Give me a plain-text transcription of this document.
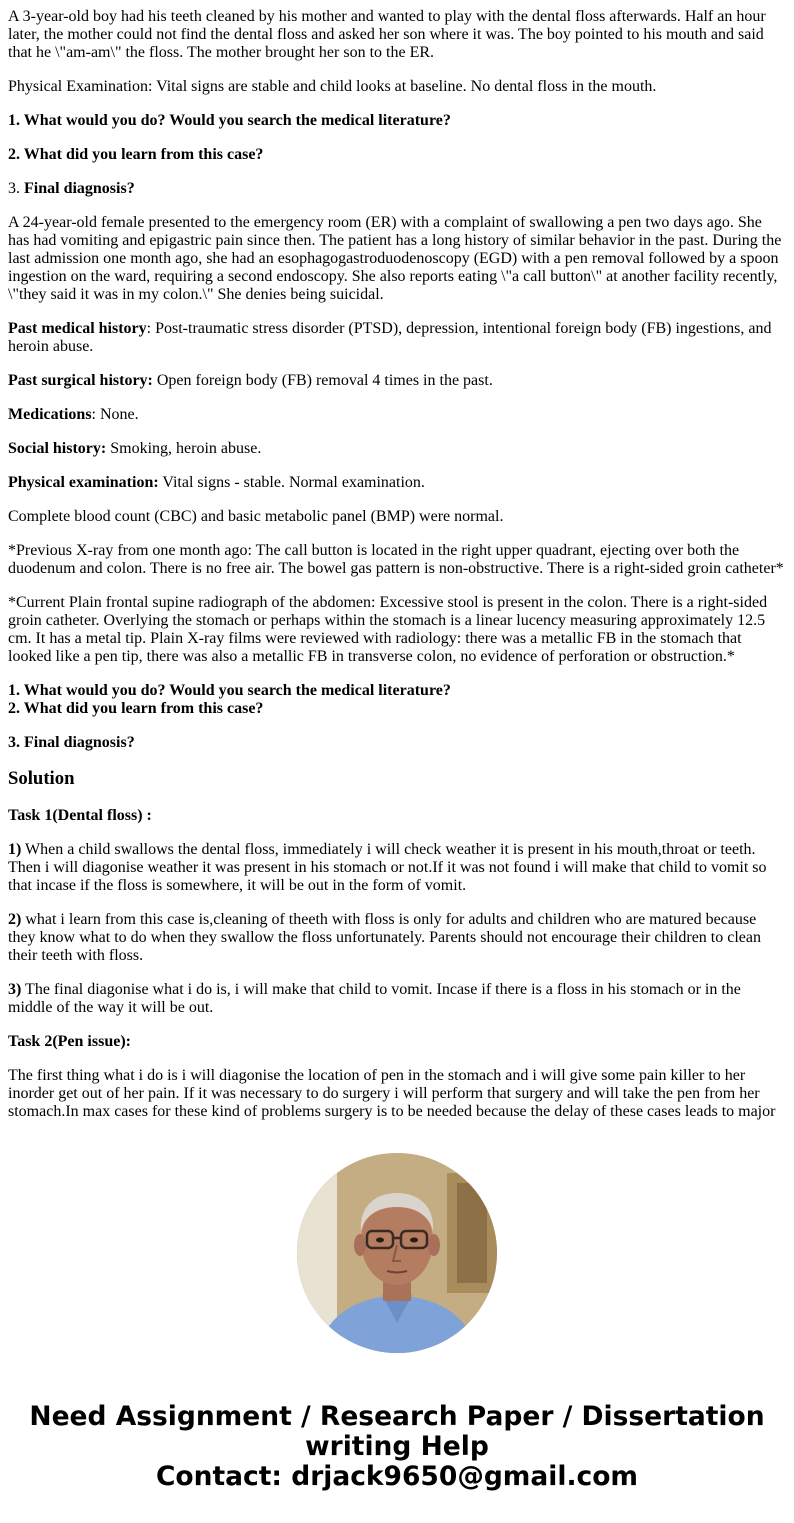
A 3-year-old boy had his teeth cleaned by his mother and wanted to play with the dental floss afterwards. Half an hour later, the mother could not find the dental floss and asked her son where it was. The boy pointed to his mouth and said that he \"am-am\" the floss. The mother brought her son to the ER.

Physical Examination: Vital signs are stable and child looks at baseline. No dental floss in the mouth.

1. What would you do? Would you search the medical literature?

2. What did you learn from this case?

3. Final diagnosis?

A 24-year-old female presented to the emergency room (ER) with a complaint of swallowing a pen two days ago. She has had vomiting and epigastric pain since then. The patient has a long history of similar behavior in the past. During the last admission one month ago, she had an esophagogastroduodenoscopy (EGD) with a pen removal followed by a spoon ingestion on the ward, requiring a second endoscopy. She also reports eating \"a call button\" at another facility recently, \"they said it was in my colon.\" She denies being suicidal.

Past medical history: Post-traumatic stress disorder (PTSD), depression, intentional foreign body (FB) ingestions, and heroin abuse.

Past surgical history: Open foreign body (FB) removal 4 times in the past.

Medications: None.

Social history: Smoking, heroin abuse.

Physical examination: Vital signs - stable. Normal examination.

Complete blood count (CBC) and basic metabolic panel (BMP) were normal.

*Previous X-ray from one month ago: The call button is located in the right upper quadrant, ejecting over both the duodenum and colon. There is no free air. The bowel gas pattern is non-obstructive. There is a right-sided groin catheter*

*Current Plain frontal supine radiograph of the abdomen: Excessive stool is present in the colon. There is a right-sided groin catheter. Overlying the stomach or perhaps within the stomach is a linear lucency measuring approximately 12.5 cm. It has a metal tip. Plain X-ray films were reviewed with radiology: there was a metallic FB in the stomach that looked like a pen tip, there was also a metallic FB in transverse colon, no evidence of perforation or obstruction.*

1. What would you do? Would you search the medical literature?

2. What did you learn from this case?

3. Final diagnosis?

Solution

Task 1(Dental floss) :

1) When a child swallows the dental floss, immediately i will check weather it is present in his mouth,throat or teeth. Then i will diagonise weather it was present in his stomach or not.If it was not found i will make that child to vomit so that incase if the floss is somewhere, it will be out in the form of vomit.

2) what i learn from this case is,cleaning of theeth with floss is only for adults and children who are matured because they know what to do when they swallow the floss unfortunately. Parents should not encourage their children to clean their teeth with floss.

3) The final diagonise what i do is, i will make that child to vomit. Incase if there is a floss in his stomach or in the middle of the way it will be out.

Task 2(Pen issue):

The first thing what i do is i will diagonise the location of pen in the stomach and i will give some pain killer to her inorder get out of her pain. If it was necessary to do surgery i will perform that surgery and will take the pen from her stomach.In max cases for these kind of problems surgery is to be needed because the delay of these cases leads to major

Need Assignment / Research Paper / Dissertation
writing Help
Contact: drjack9650@gmail.com
